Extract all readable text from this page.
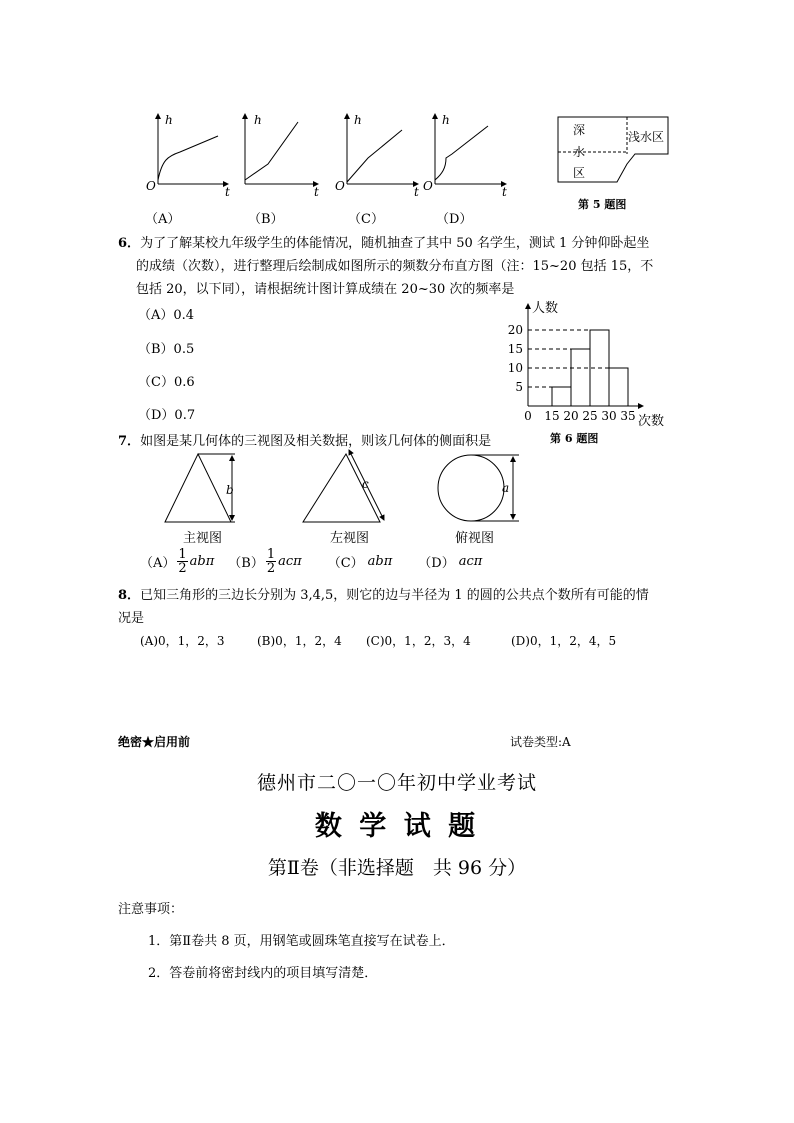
h
O	t
h
t
h
O	t
h
O	t
（A）	（B）	（C）	（D）
深
水
区
浅水区
第 5 题图
6．为了了解某校九年级学生的体能情况，随机抽查了其中 50 名学生，测试 1 分钟仰卧起坐
的成绩（次数），进行整理后绘制成如图所示的频数分布直方图（注：15~20 包括 15，不
包括 20，以下同），请根据统计图计算成绩在 20~30 次的频率是
（A）0.4
（B）0.5
（C）0.6
（D）0.7
人数
次数
0 15 20 25 30 35
5
10
15
20
第 6 题图
7．如图是某几何体的三视图及相关数据，则该几何体的侧面积是
b	c	a
主视图	左视图	俯视图
$(A) \frac{1}{2}$ abπ $(B) \frac{1}{2}$ acπ （C） abπ （D） acπ
8．已知三角形的三边长分别为 3,4,5，则它的边与半径为 1 的圆的公共点个数所有可能的情
况是
(A)0，1，2，3	(B)0，1，2，4 (C)0，1，2，3，4	(D)0，1，2，4，5
绝密★启用前	试卷类型:A
德州市二〇一〇年初中学业考试
数 学 试 题
第Ⅱ卷（非选择题　共 96 分）
注意事项：
1．第Ⅱ卷共 8 页，用钢笔或圆珠笔直接写在试卷上．
2．答卷前将密封线内的项目填写清楚．
